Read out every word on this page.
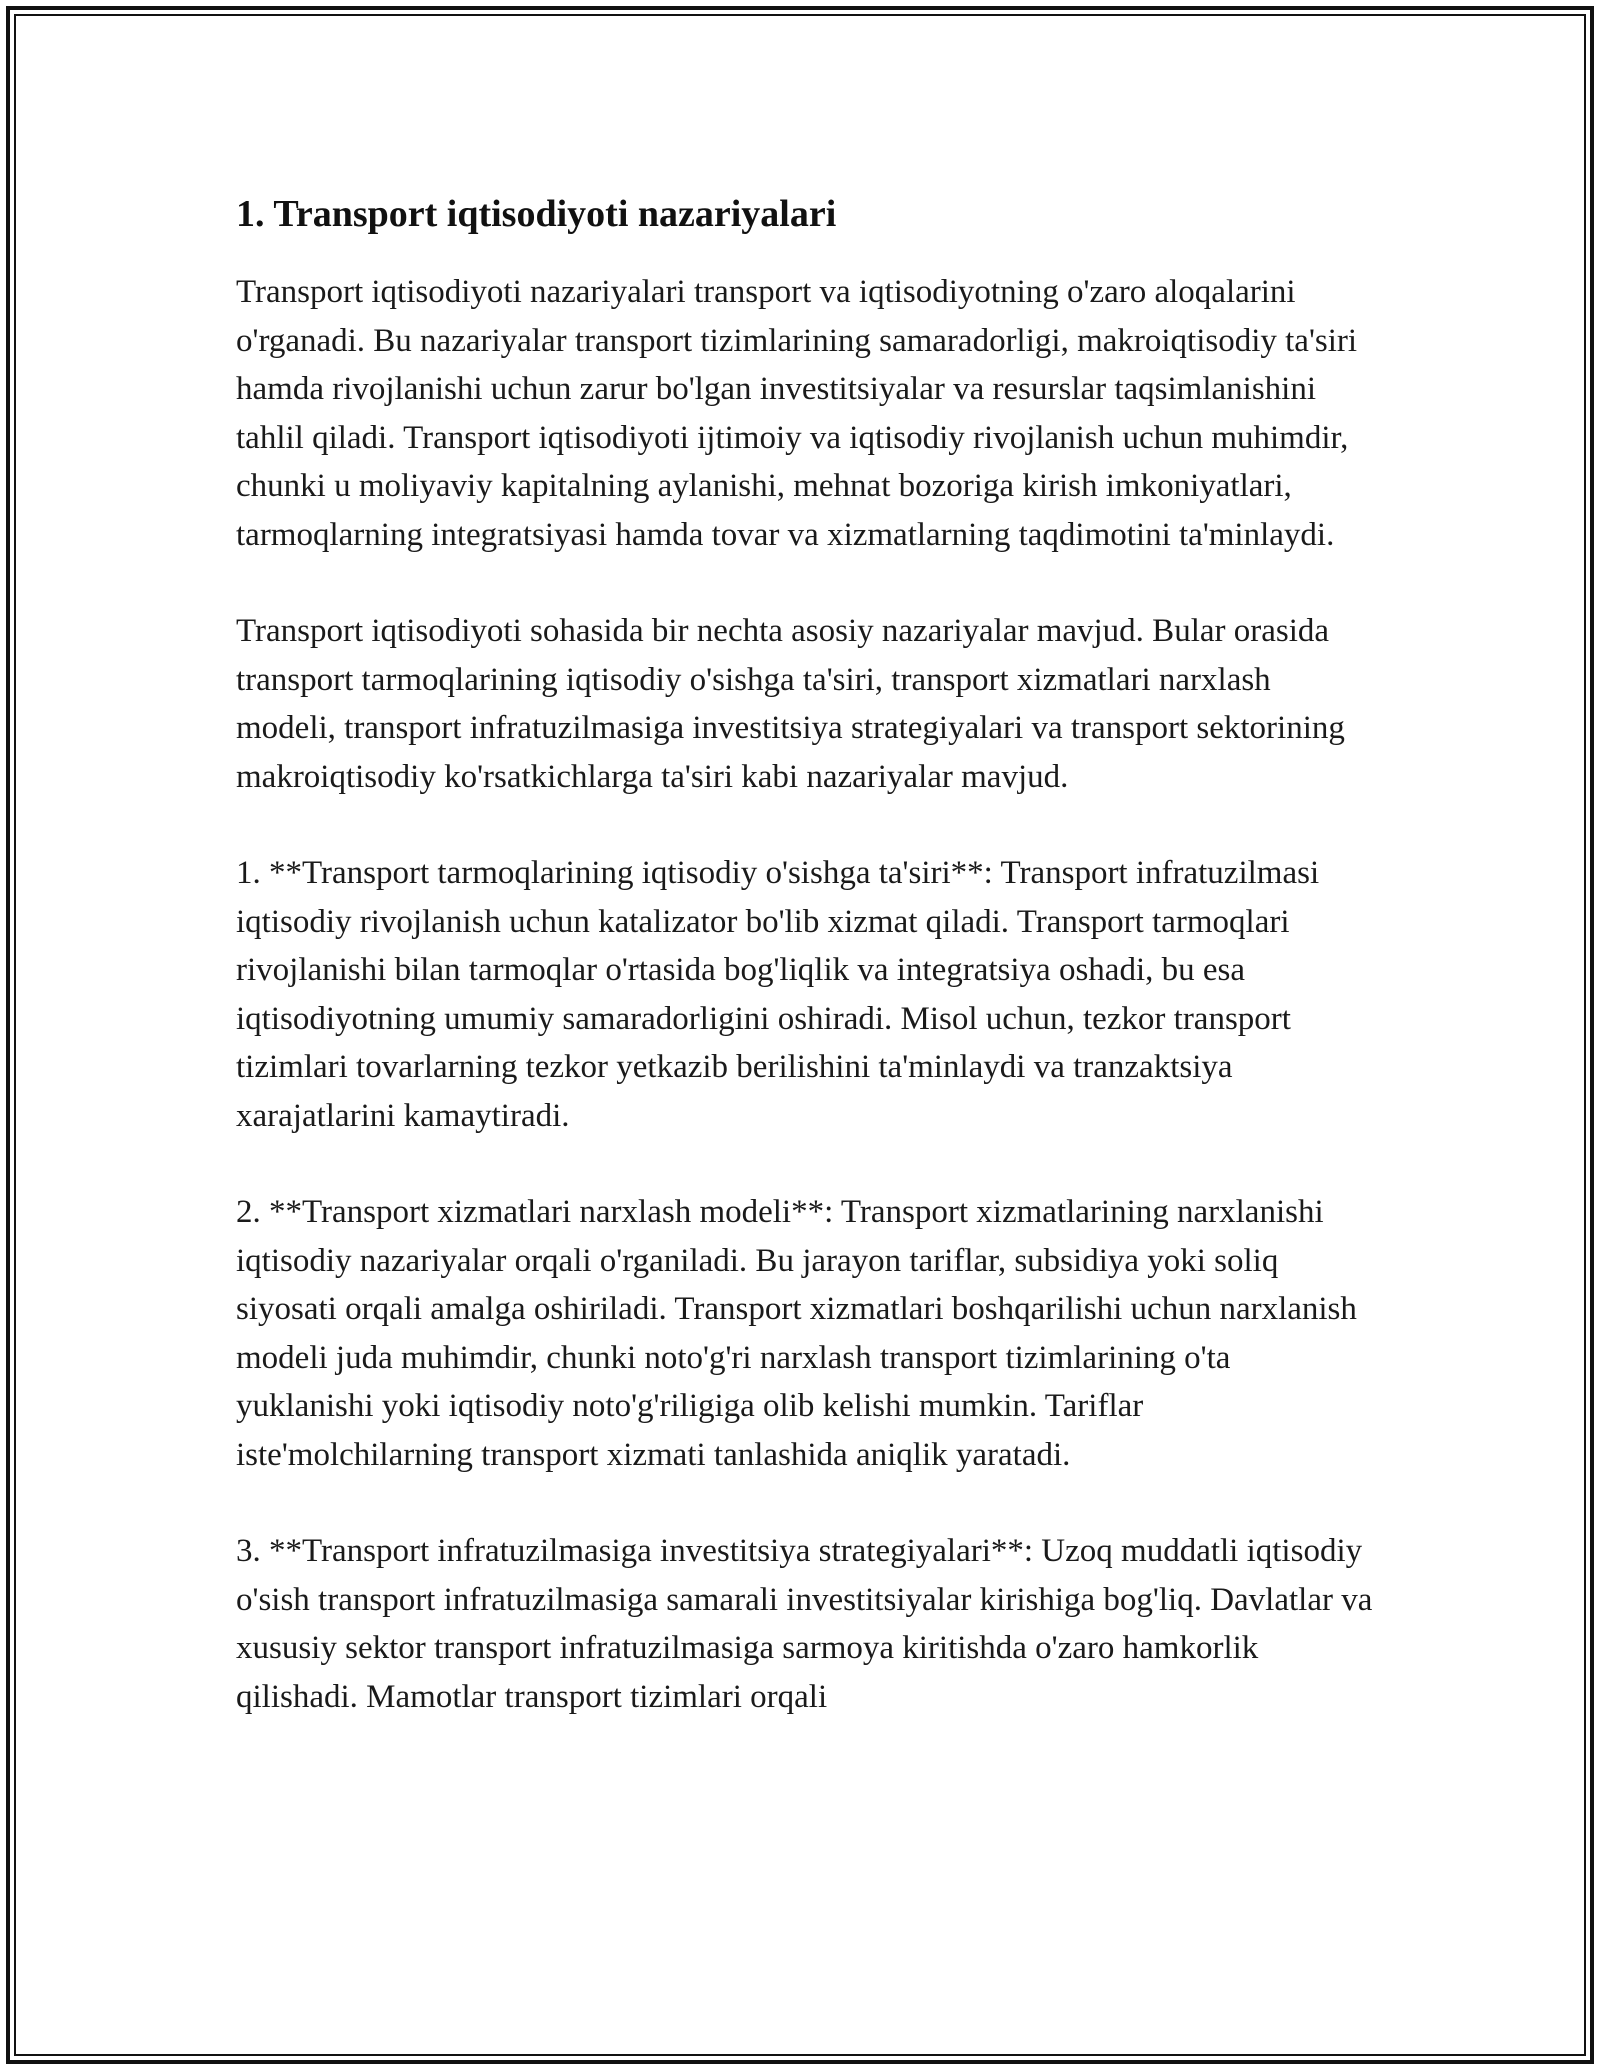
1. Transport iqtisodiyoti nazariyalari

Transport iqtisodiyoti nazariyalari transport va iqtisodiyotning o'zaro aloqalarini o'rganadi. Bu nazariyalar transport tizimlarining samaradorligi, makroiqtisodiy ta'siri hamda rivojlanishi uchun zarur bo'lgan investitsiyalar va resurslar taqsimlanishini tahlil qiladi. Transport iqtisodiyoti ijtimoiy va iqtisodiy rivojlanish uchun muhimdir, chunki u moliyaviy kapitalning aylanishi, mehnat bozoriga kirish imkoniyatlari, tarmoqlarning integratsiyasi hamda tovar va xizmatlarning taqdimotini ta'minlaydi.

Transport iqtisodiyoti sohasida bir nechta asosiy nazariyalar mavjud. Bular orasida transport tarmoqlarining iqtisodiy o'sishga ta'siri, transport xizmatlari narxlash modeli, transport infratuzilmasiga investitsiya strategiyalari va transport sektorining makroiqtisodiy ko'rsatkichlarga ta'siri kabi nazariyalar mavjud.

1. **Transport tarmoqlarining iqtisodiy o'sishga ta'siri**: Transport infratuzilmasi iqtisodiy rivojlanish uchun katalizator bo'lib xizmat qiladi. Transport tarmoqlari rivojlanishi bilan tarmoqlar o'rtasida bog'liqlik va integratsiya oshadi, bu esa iqtisodiyotning umumiy samaradorligini oshiradi. Misol uchun, tezkor transport tizimlari tovarlarning tezkor yetkazib berilishini ta'minlaydi va tranzaktsiya xarajatlarini kamaytiradi.

2. **Transport xizmatlari narxlash modeli**: Transport xizmatlarining narxlanishi iqtisodiy nazariyalar orqali o'rganiladi. Bu jarayon tariflar, subsidiya yoki soliq siyosati orqali amalga oshiriladi. Transport xizmatlari boshqarilishi uchun narxlanish modeli juda muhimdir, chunki noto'g'ri narxlash transport tizimlarining o'ta yuklanishi yoki iqtisodiy noto'g'riligiga olib kelishi mumkin. Tariflar iste'molchilarning transport xizmati tanlashida aniqlik yaratadi.

3. **Transport infratuzilmasiga investitsiya strategiyalari**: Uzoq muddatli iqtisodiy o'sish transport infratuzilmasiga samarali investitsiyalar kirishiga bog'liq. Davlatlar va xususiy sektor transport infratuzilmasiga sarmoya kiritishda o'zaro hamkorlik qilishadi. Mamotlar transport tizimlari orqali
